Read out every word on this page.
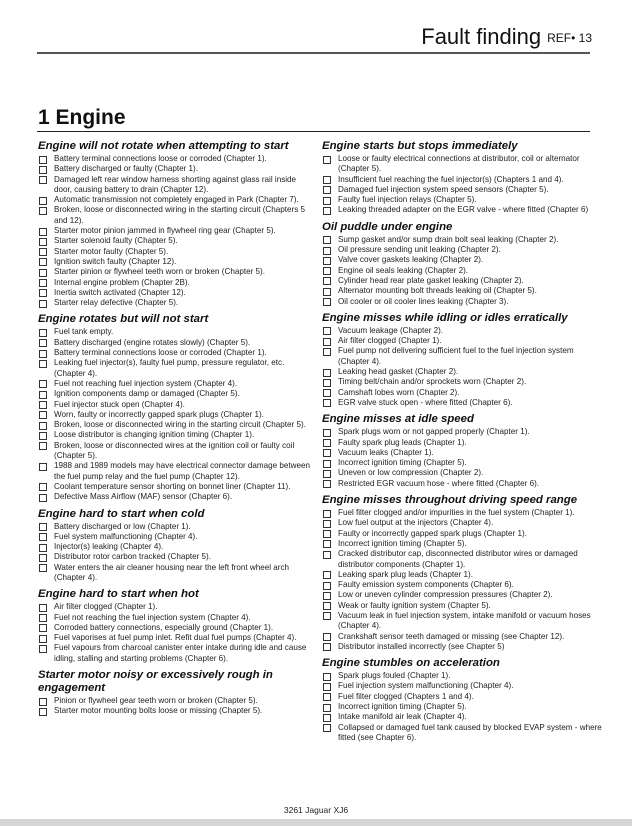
Fault finding REF• 13
1 Engine
Engine will not rotate when attempting to start
Battery terminal connections loose or corroded (Chapter 1).
Battery discharged or faulty (Chapter 1).
Damaged left rear window harness shorting against glass rail inside door, causing battery to drain (Chapter 12).
Automatic transmission not completely engaged in Park (Chapter 7).
Broken, loose or disconnected wiring in the starting circuit (Chapters 5 and 12).
Starter motor pinion jammed in flywheel ring gear (Chapter 5).
Starter solenoid faulty (Chapter 5).
Starter motor faulty (Chapter 5).
Ignition switch faulty (Chapter 12).
Starter pinion or flywheel teeth worn or broken (Chapter 5).
Internal engine problem (Chapter 2B).
Inertia switch activated (Chapter 12).
Starter relay defective (Chapter 5).
Engine rotates but will not start
Fuel tank empty.
Battery discharged (engine rotates slowly) (Chapter 5).
Battery terminal connections loose or corroded (Chapter 1).
Leaking fuel injector(s), faulty fuel pump, pressure regulator, etc. (Chapter 4).
Fuel not reaching fuel injection system (Chapter 4).
Ignition components damp or damaged (Chapter 5).
Fuel injector stuck open (Chapter 4).
Worn, faulty or incorrectly gapped spark plugs (Chapter 1).
Broken, loose or disconnected wiring in the starting circuit (Chapter 5).
Loose distributor is changing ignition timing (Chapter 1).
Broken, loose or disconnected wires at the ignition coil or faulty coil (Chapter 5).
1988 and 1989 models may have electrical connector damage between the fuel pump relay and the fuel pump (Chapter 12).
Coolant temperature sensor shorting on bonnet liner (Chapter 11).
Defective Mass Airflow (MAF) sensor (Chapter 6).
Engine hard to start when cold
Battery discharged or low (Chapter 1).
Fuel system malfunctioning (Chapter 4).
Injector(s) leaking (Chapter 4).
Distributor rotor carbon tracked (Chapter 5).
Water enters the air cleaner housing near the left front wheel arch (Chapter 4).
Engine hard to start when hot
Air filter clogged (Chapter 1).
Fuel not reaching the fuel injection system (Chapter 4).
Corroded battery connections, especially ground (Chapter 1).
Fuel vaporises at fuel pump inlet. Refit dual fuel pumps (Chapter 4).
Fuel vapours from charcoal canister enter intake during idle and cause idling, stalling and starting problems (Chapter 6).
Starter motor noisy or excessively rough in engagement
Pinion or flywheel gear teeth worn or broken (Chapter 5).
Starter motor mounting bolts loose or missing (Chapter 5).
Engine starts but stops immediately
Loose or faulty electrical connections at distributor, coil or alternator (Chapter 5).
Insufficient fuel reaching the fuel injector(s) (Chapters 1 and 4).
Damaged fuel injection system speed sensors (Chapter 5).
Faulty fuel injection relays (Chapter 5).
Leaking threaded adapter on the EGR valve - where fitted (Chapter 6)
Oil puddle under engine
Sump gasket and/or sump drain bolt seal leaking (Chapter 2).
Oil pressure sending unit leaking (Chapter 2).
Valve cover gaskets leaking (Chapter 2).
Engine oil seals leaking (Chapter 2).
Cylinder head rear plate gasket leaking (Chapter 2).
Alternator mounting bolt threads leaking oil (Chapter 5).
Oil cooler or oil cooler lines leaking (Chapter 3).
Engine misses while idling or idles erratically
Vacuum leakage (Chapter 2).
Air filter clogged (Chapter 1).
Fuel pump not delivering sufficient fuel to the fuel injection system (Chapter 4).
Leaking head gasket (Chapter 2).
Timing belt/chain and/or sprockets worn (Chapter 2).
Camshaft lobes worn (Chapter 2).
EGR valve stuck open - where fitted (Chapter 6).
Engine misses at idle speed
Spark plugs worn or not gapped properly (Chapter 1).
Faulty spark plug leads (Chapter 1).
Vacuum leaks (Chapter 1).
Incorrect ignition timing (Chapter 5).
Uneven or low compression (Chapter 2).
Restricted EGR vacuum hose - where fitted (Chapter 6).
Engine misses throughout driving speed range
Fuel filter clogged and/or impurities in the fuel system (Chapter 1).
Low fuel output at the injectors (Chapter 4).
Faulty or incorrectly gapped spark plugs (Chapter 1).
Incorrect ignition timing (Chapter 5).
Cracked distributor cap, disconnected distributor wires or damaged distributor components (Chapter 1).
Leaking spark plug leads (Chapter 1).
Faulty emission system components (Chapter 6).
Low or uneven cylinder compression pressures (Chapter 2).
Weak or faulty ignition system (Chapter 5).
Vacuum leak in fuel injection system, intake manifold or vacuum hoses (Chapter 4).
Crankshaft sensor teeth damaged or missing (see Chapter 12).
Distributor installed incorrectly (see Chapter 5)
Engine stumbles on acceleration
Spark plugs fouled (Chapter 1).
Fuel injection system malfunctioning (Chapter 4).
Fuel filter clogged (Chapters 1 and 4).
Incorrect ignition timing (Chapter 5).
Intake manifold air leak (Chapter 4).
Collapsed or damaged fuel tank caused by blocked EVAP system - where fitted (see Chapter 6).
3261 Jaguar XJ6
